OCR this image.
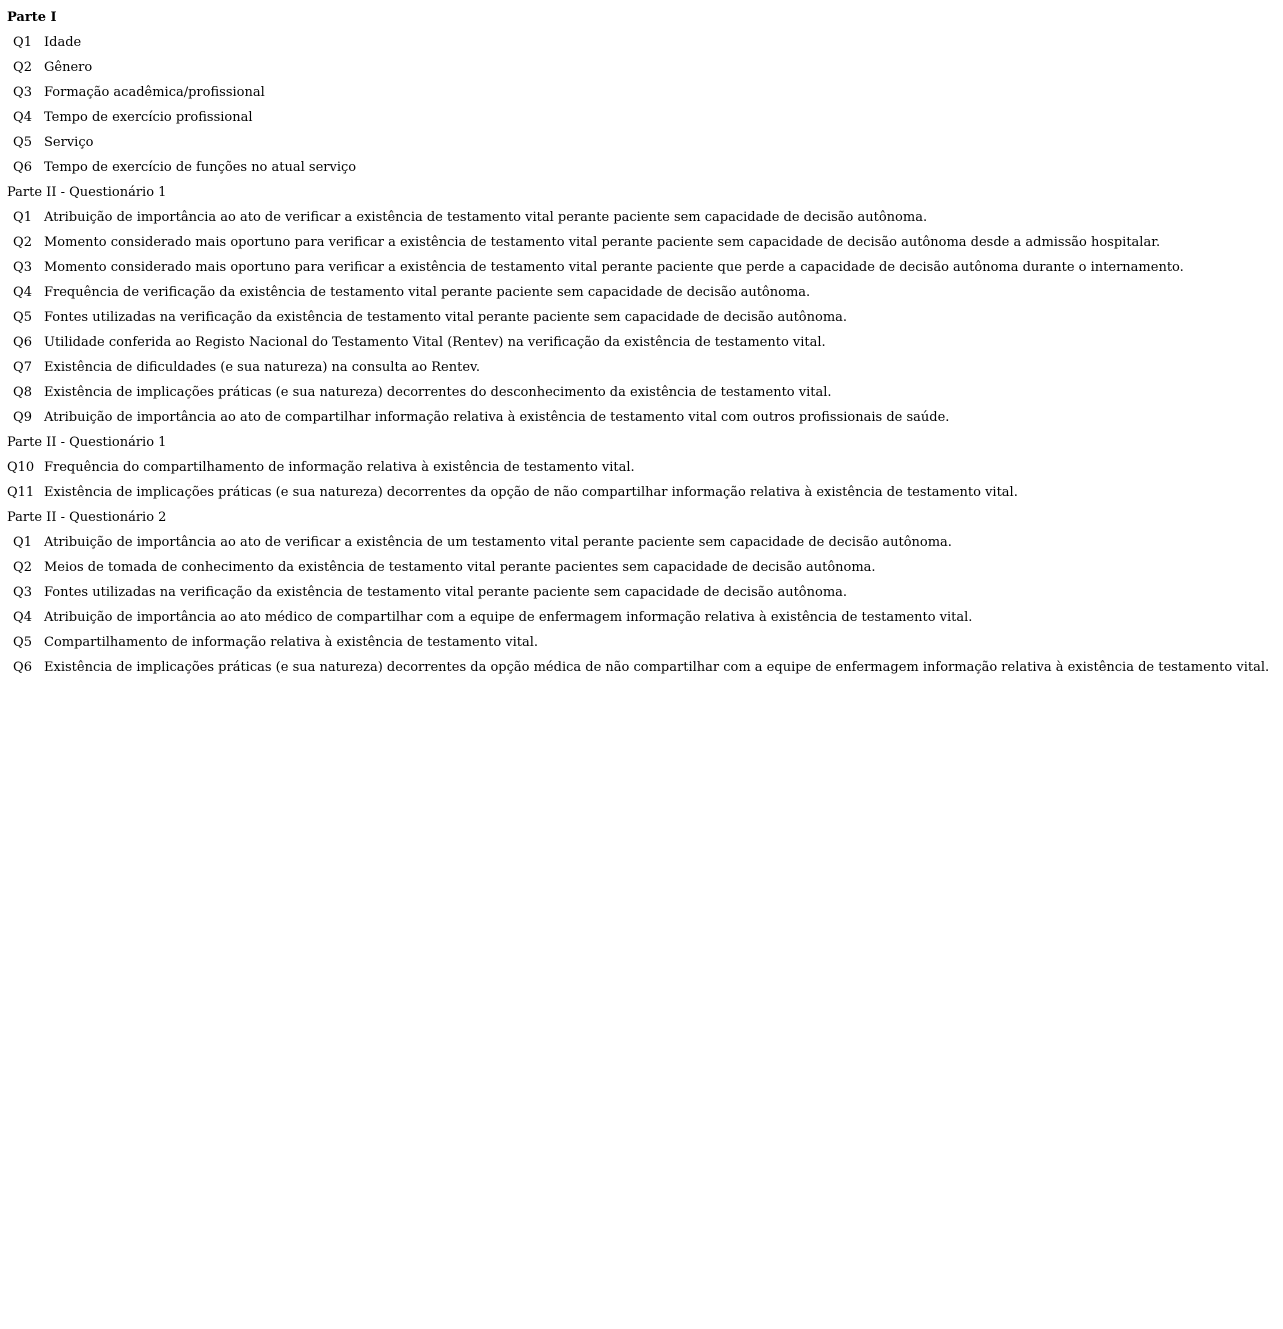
Parte I
Q1 Idade
Q2 Gênero
Q3 Formação acadêmica/profissional
Q4 Tempo de exercício profissional
Q5 Serviço
Q6 Tempo de exercício de funções no atual serviço
Parte II - Questionário 1
Q1 Atribuição de importância ao ato de verificar a existência de testamento vital perante paciente sem capacidade de decisão autônoma.
Q2 Momento considerado mais oportuno para verificar a existência de testamento vital perante paciente sem capacidade de decisão autônoma desde a admissão hospitalar.
Q3 Momento considerado mais oportuno para verificar a existência de testamento vital perante paciente que perde a capacidade de decisão autônoma durante o internamento.
Q4 Frequência de verificação da existência de testamento vital perante paciente sem capacidade de decisão autônoma.
Q5 Fontes utilizadas na verificação da existência de testamento vital perante paciente sem capacidade de decisão autônoma.
Q6 Utilidade conferida ao Registo Nacional do Testamento Vital (Rentev) na verificação da existência de testamento vital.
Q7 Existência de dificuldades (e sua natureza) na consulta ao Rentev.
Q8 Existência de implicações práticas (e sua natureza) decorrentes do desconhecimento da existência de testamento vital.
Q9 Atribuição de importância ao ato de compartilhar informação relativa à existência de testamento vital com outros profissionais de saúde.
Parte II - Questionário 1
Q10 Frequência do compartilhamento de informação relativa à existência de testamento vital.
Q11 Existência de implicações práticas (e sua natureza) decorrentes da opção de não compartilhar informação relativa à existência de testamento vital.
Parte II - Questionário 2
Q1 Atribuição de importância ao ato de verificar a existência de um testamento vital perante paciente sem capacidade de decisão autônoma.
Q2 Meios de tomada de conhecimento da existência de testamento vital perante pacientes sem capacidade de decisão autônoma.
Q3 Fontes utilizadas na verificação da existência de testamento vital perante paciente sem capacidade de decisão autônoma.
Q4 Atribuição de importância ao ato médico de compartilhar com a equipe de enfermagem informação relativa à existência de testamento vital.
Q5 Compartilhamento de informação relativa à existência de testamento vital.
Q6 Existência de implicações práticas (e sua natureza) decorrentes da opção médica de não compartilhar com a equipe de enfermagem informação relativa à existência de testamento vital.
